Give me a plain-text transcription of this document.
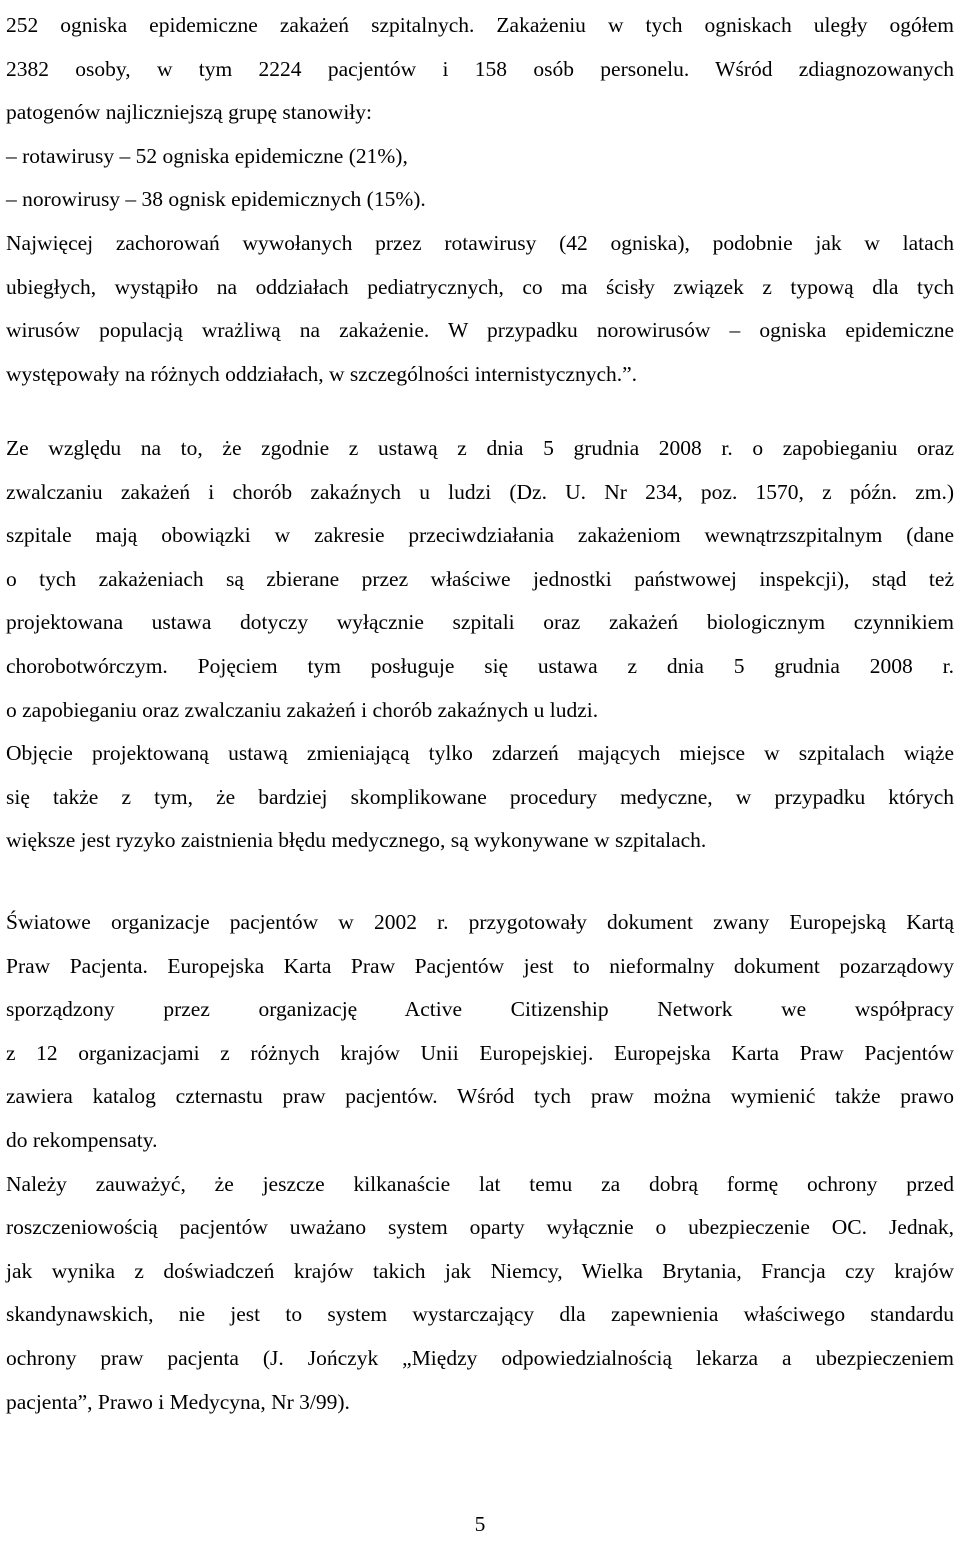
252 ogniska epidemiczne zakażeń szpitalnych. Zakażeniu w tych ogniskach uległy ogółem
2382 osoby, w tym 2224 pacjentów i 158 osób personelu. Wśród zdiagnozowanych
patogenów najliczniejszą grupę stanowiły:
– rotawirusy – 52 ogniska epidemiczne (21%),
– norowirusy – 38 ognisk epidemicznych (15%).
Najwięcej zachorowań wywołanych przez rotawirusy (42 ogniska), podobnie jak w latach
ubiegłych, wystąpiło na oddziałach pediatrycznych, co ma ścisły związek z typową dla tych
wirusów populacją wrażliwą na zakażenie. W przypadku norowirusów – ogniska epidemiczne
występowały na różnych oddziałach, w szczególności internistycznych.”.
Ze względu na to, że zgodnie z ustawą z dnia 5 grudnia 2008 r. o zapobieganiu oraz
zwalczaniu zakażeń i chorób zakaźnych u ludzi (Dz. U. Nr 234, poz. 1570, z późn. zm.)
szpitale mają obowiązki w zakresie przeciwdziałania zakażeniom wewnątrzszpitalnym (dane
o tych zakażeniach są zbierane przez właściwe jednostki państwowej inspekcji), stąd też
projektowana ustawa dotyczy wyłącznie szpitali oraz zakażeń biologicznym czynnikiem
chorobotwórczym. Pojęciem tym posługuje się ustawa z dnia 5 grudnia 2008 r.
o zapobieganiu oraz zwalczaniu zakażeń i chorób zakaźnych u ludzi.
Objęcie projektowaną ustawą zmieniającą tylko zdarzeń mających miejsce w szpitalach wiąże
się także z tym, że bardziej skomplikowane procedury medyczne, w przypadku których
większe jest ryzyko zaistnienia błędu medycznego, są wykonywane w szpitalach.
Światowe organizacje pacjentów w 2002 r. przygotowały dokument zwany Europejską Kartą
Praw Pacjenta. Europejska Karta Praw Pacjentów jest to nieformalny dokument pozarządowy
sporządzony przez organizację Active Citizenship Network we współpracy
z 12 organizacjami z różnych krajów Unii Europejskiej. Europejska Karta Praw Pacjentów
zawiera katalog czternastu praw pacjentów. Wśród tych praw można wymienić także prawo
do rekompensaty.
Należy zauważyć, że jeszcze kilkanaście lat temu za dobrą formę ochrony przed
roszczeniowością pacjentów uważano system oparty wyłącznie o ubezpieczenie OC. Jednak,
jak wynika z doświadczeń krajów takich jak Niemcy, Wielka Brytania, Francja czy krajów
skandynawskich, nie jest to system wystarczający dla zapewnienia właściwego standardu
ochrony praw pacjenta (J. Jończyk „Między odpowiedzialnością lekarza a ubezpieczeniem
pacjenta”, Prawo i Medycyna, Nr 3/99).
5
